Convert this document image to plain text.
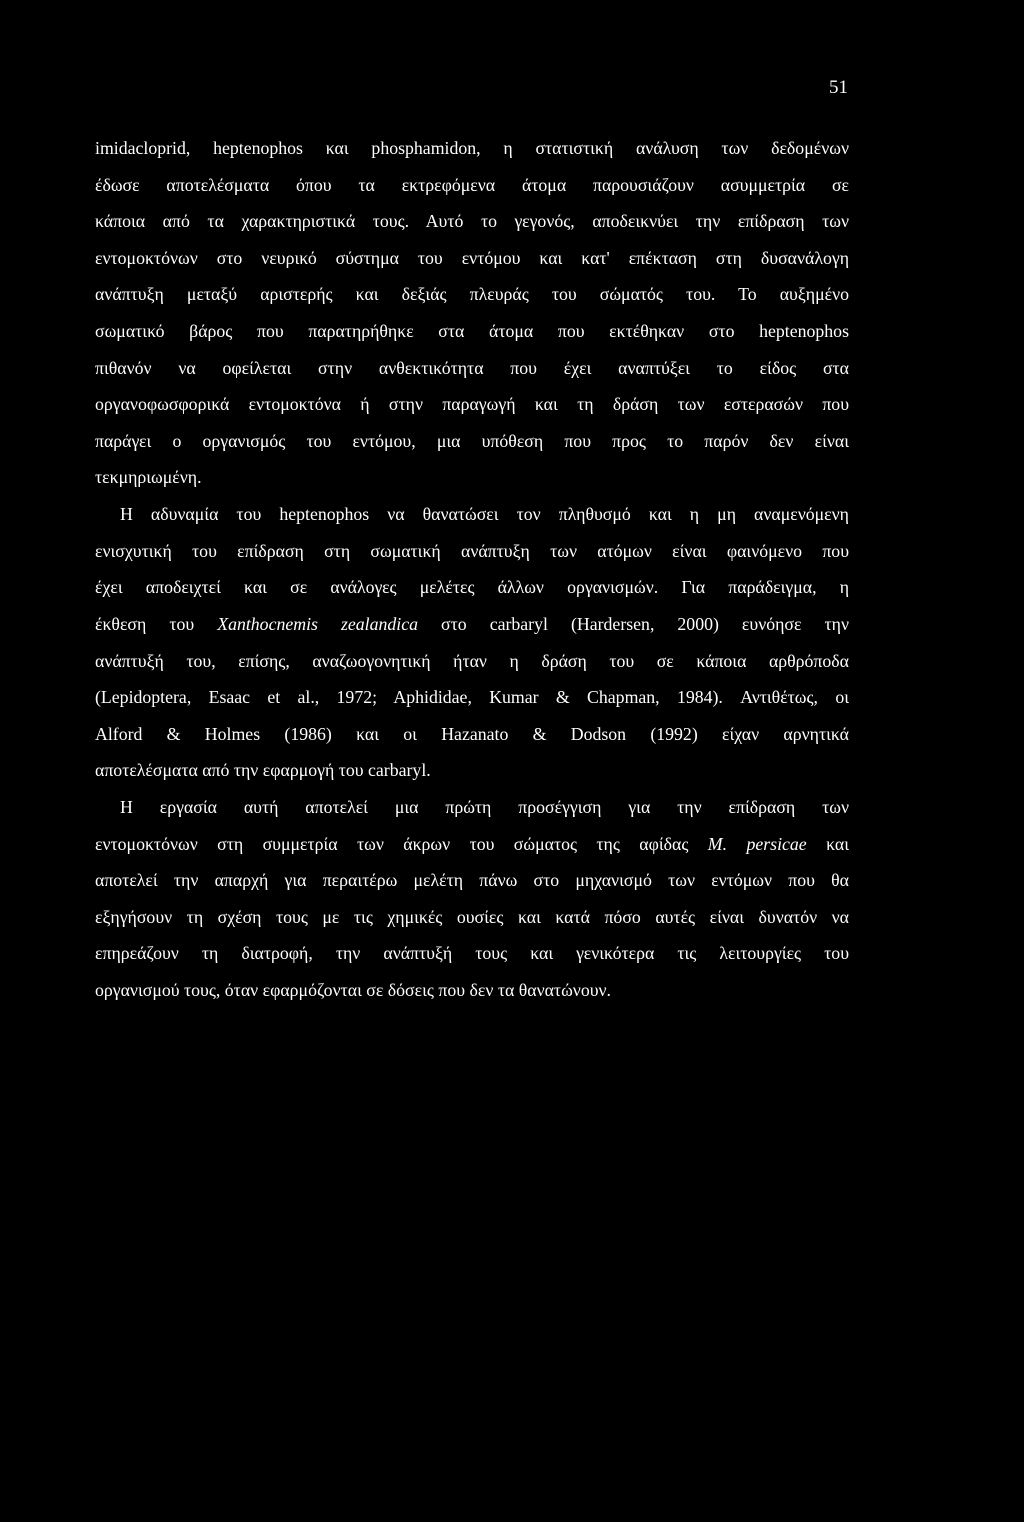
51
imidacloprid, heptenophos και phosphamidon, η στατιστική ανάλυση των δεδομένων
έδωσε αποτελέσματα όπου τα εκτρεφόμενα άτομα παρουσιάζουν ασυμμετρία σε
κάποια από τα χαρακτηριστικά τους. Αυτό το γεγονός, αποδεικνύει την επίδραση των
εντομοκτόνων στο νευρικό σύστημα του εντόμου και κατ' επέκταση στη δυσανάλογη
ανάπτυξη μεταξύ αριστερής και δεξιάς πλευράς του σώματός του. Το αυξημένο
σωματικό βάρος που παρατηρήθηκε στα άτομα που εκτέθηκαν στο heptenophos
πιθανόν να οφείλεται στην ανθεκτικότητα που έχει αναπτύξει το είδος στα
οργανοφωσφορικά εντομοκτόνα ή στην παραγωγή και τη δράση των εστερασών που
παράγει ο οργανισμός του εντόμου, μια υπόθεση που προς το παρόν δεν είναι
τεκμηριωμένη.
Η αδυναμία του heptenophos να θανατώσει τον πληθυσμό και η μη αναμενόμενη
ενισχυτική του επίδραση στη σωματική ανάπτυξη των ατόμων είναι φαινόμενο που
έχει αποδειχτεί και σε ανάλογες μελέτες άλλων οργανισμών. Για παράδειγμα, η
έκθεση του Xanthocnemis zealandica στο carbaryl (Hardersen, 2000) ευνόησε την
ανάπτυξή του, επίσης, αναζωογονητική ήταν η δράση του σε κάποια αρθρόποδα
(Lepidoptera, Esaac et al., 1972; Aphididae, Kumar & Chapman, 1984). Αντιθέτως, οι
Alford & Holmes (1986) και οι Hazanato & Dodson (1992) είχαν αρνητικά
αποτελέσματα από την εφαρμογή του carbaryl.
Η εργασία αυτή αποτελεί μια πρώτη προσέγγιση για την επίδραση των
εντομοκτόνων στη συμμετρία των άκρων του σώματος της αφίδας M. persicae και
αποτελεί την απαρχή για περαιτέρω μελέτη πάνω στο μηχανισμό των εντόμων που θα
εξηγήσουν τη σχέση τους με τις χημικές ουσίες και κατά πόσο αυτές είναι δυνατόν να
επηρεάζουν τη διατροφή, την ανάπτυξή τους και γενικότερα τις λειτουργίες του
οργανισμού τους, όταν εφαρμόζονται σε δόσεις που δεν τα θανατώνουν.
